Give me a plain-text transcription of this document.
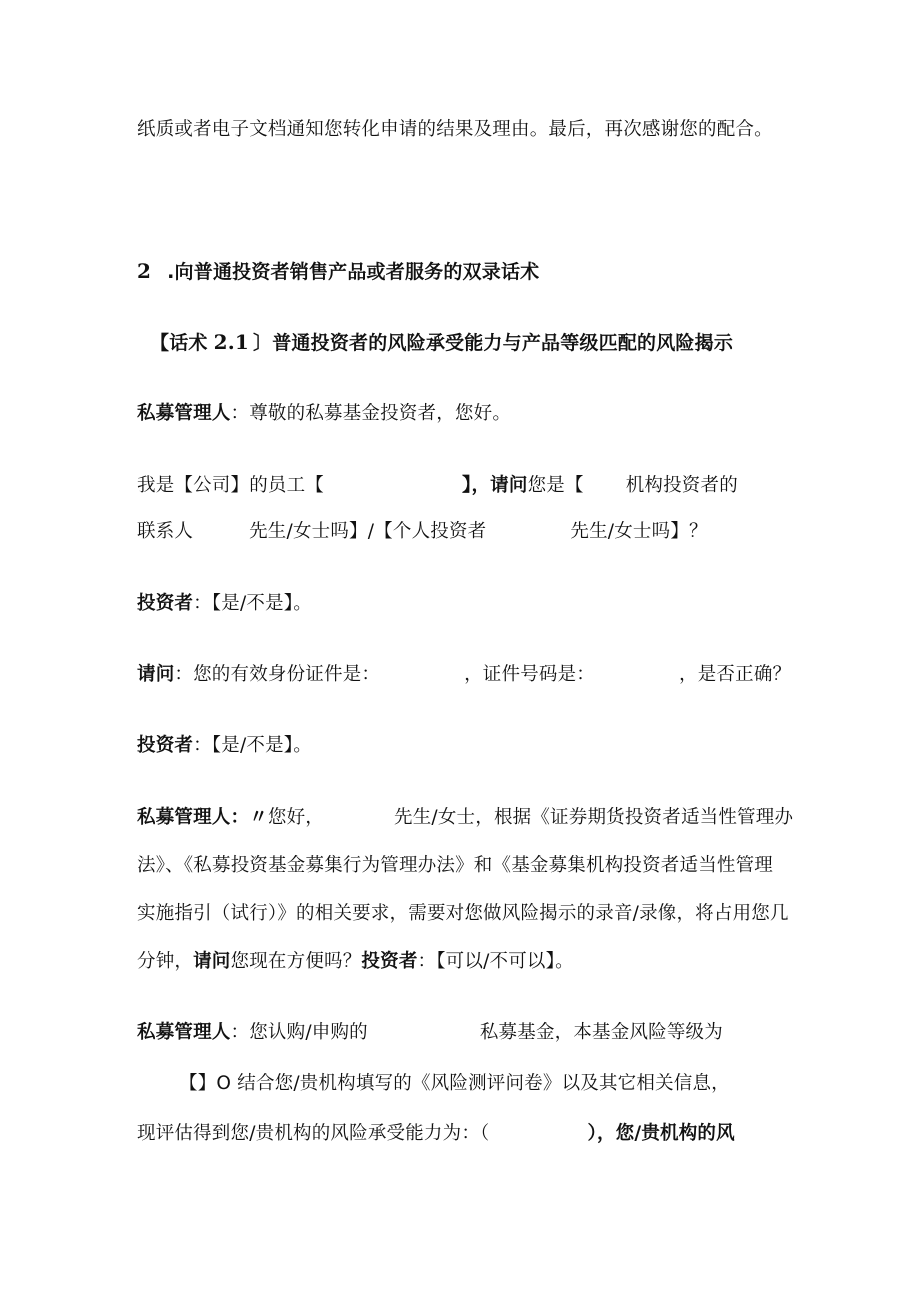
纸质或者电子文档通知您转化申请的结果及理由。最后，再次感谢您的配合。
2 .向普通投资者销售产品或者服务的双录话术
【话术 2.1 〕普通投资者的风险承受能力与产品等级匹配的风险揭示
私募管理人：尊敬的私募基金投资者，您好。
我是【公司】的员工【	】，请问您是【 机构投资者的
联系人	先生/女士吗】/【个人投资者	先生/女士吗】？
投资者：【是/不是】。
请问：您的有效身份证件是：	，证件号码是：	，是否正确？
投资者：【是/不是】。
私募管理人：〃您好，	先生/女士，根据《证券期货投资者适当性管理办
法》、《私募投资基金募集行为管理办法》和《基金募集机构投资者适当性管理
实施指引（试行）》的相关要求，需要对您做风险揭示的录音/录像，将占用您几
分钟，请问您现在方便吗？投资者：【可以/不可以】。
私募管理人：您认购/申购的	私募基金，本基金风险等级为
【】O 结合您/贵机构填写的《风险测评问卷》以及其它相关信息，
现评估得到您/贵机构的风险承受能力为：（	），您/贵机构的风
